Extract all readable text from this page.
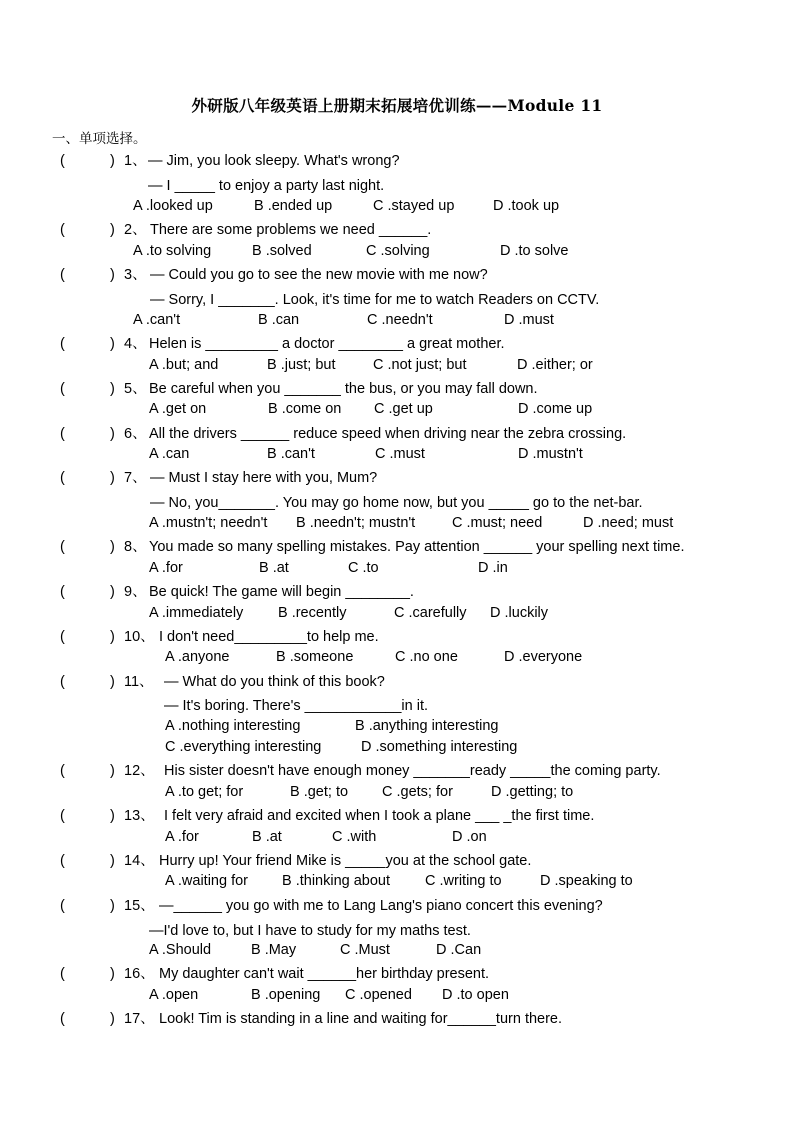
外研版八年级英语上册期末拓展培优训练——Module 11
一、单项选择。
(	) 1、 — Jim, you look sleepy. What's wrong?
— I _____ to enjoy a party last night.
A .looked up	B .ended up	C .stayed up	D .took up
(	) 2、 There are some problems we need ______.
A .to solving	B .solved	C .solving	D .to solve
(	) 3、 — Could you go to see the new movie with me now?
— Sorry, I _______. Look, it's time for me to watch Readers on CCTV.
A .can't	B .can	C .needn't	D .must
(	) 4、 Helen is _________ a doctor ________ a great mother.
A .but; and	B .just; but	C .not just; but	D .either; or
(	) 5、 Be careful when you _______ the bus, or you may fall down.
A .get on	B .come on C .get up	D .come up
(	) 6、 All the drivers ______ reduce speed when driving near the zebra crossing.
A .can	B .can't	C .must	D .mustn't
(	) 7、 — Must I stay here with you, Mum?
— No, you_______. You may go home now, but you _____ go to the net-bar.
A .mustn't; needn't B .needn't; mustn't	C .must; need	D .need; must
(	) 8、 You made so many spelling mistakes. Pay attention ______ your spelling next time.
A .for	B .at	C .to	D .in
(	) 9、 Be quick! The game will begin ________.
A .immediately B .recently	C .carefully D .luckily
(	) 10、 I don't need_________to help me.
A .anyone	B .someone	C .no one	D .everyone
(	) 11、 — What do you think of this book?
— It's boring. There's ____________in it.
A .nothing interesting	B .anything interesting
C .everything interesting	D .something interesting
(	) 12、 His sister doesn't have enough money _______ready _____the coming party.
A .to get; for	B .get; to C .gets; for	D .getting; to
(	) 13、 I felt very afraid and excited when I took a plane ___ _the first time.
A .for	B .at	C .with	D .on
(	) 14、 Hurry up! Your friend Mike is _____you at the school gate.
A .waiting for B .thinking about C .writing to	D .speaking to
(	) 15、 —______ you go with me to Lang Lang's piano concert this evening?
—I'd love to, but I have to study for my maths test.
A .Should	B .May	C .Must	D .Can
(	) 16、 My daughter can't wait ______her birthday present.
A .open	B .opening C .opened D .to open
(	) 17、 Look! Tim is standing in a line and waiting for______turn there.
